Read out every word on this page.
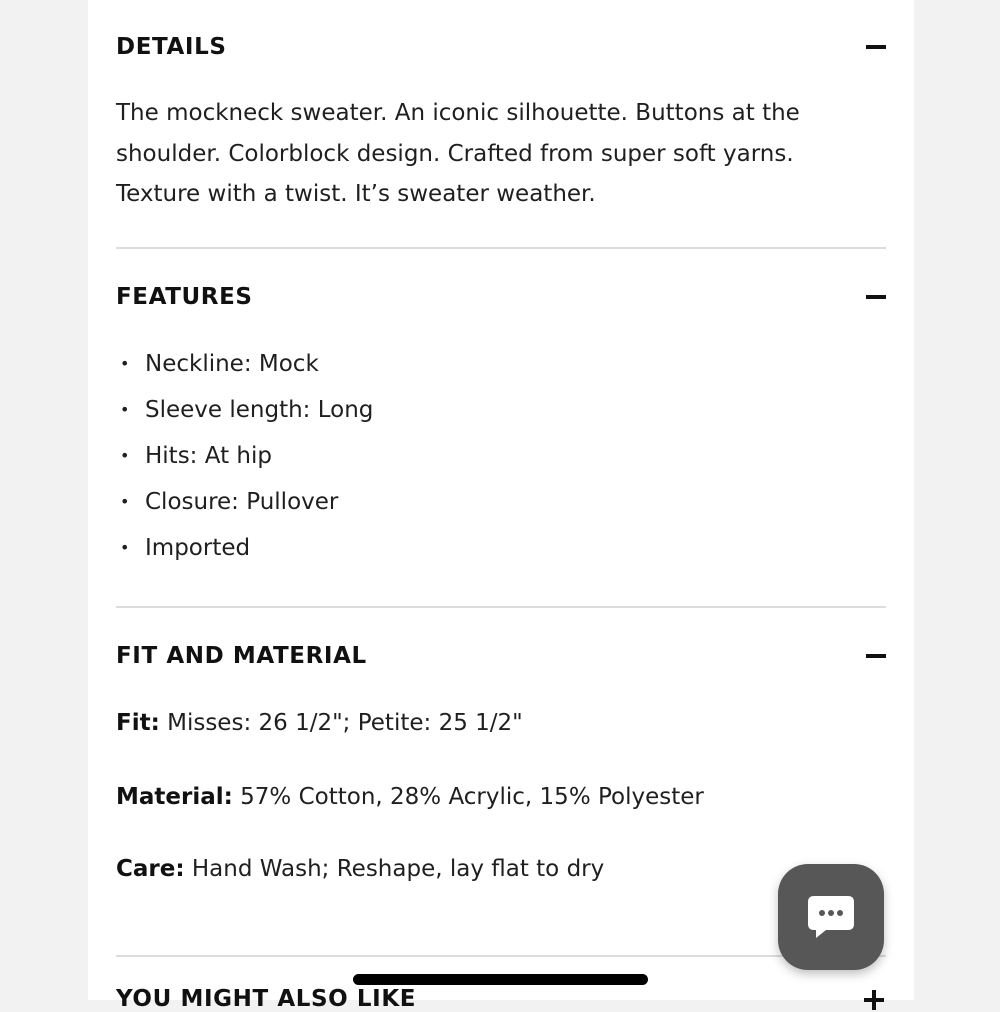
DETAILS
The mockneck sweater. An iconic silhouette. Buttons at the shoulder. Colorblock design. Crafted from super soft yarns. Texture with a twist. It’s sweater weather.
FEATURES
• Neckline: Mock
• Sleeve length: Long
• Hits: At hip
• Closure: Pullover
• Imported
FIT AND MATERIAL
Fit: Misses: 26 1/2"; Petite: 25 1/2"
Material: 57% Cotton, 28% Acrylic, 15% Polyester
Care: Hand Wash; Reshape, lay flat to dry
YOU MIGHT ALSO LIKE
